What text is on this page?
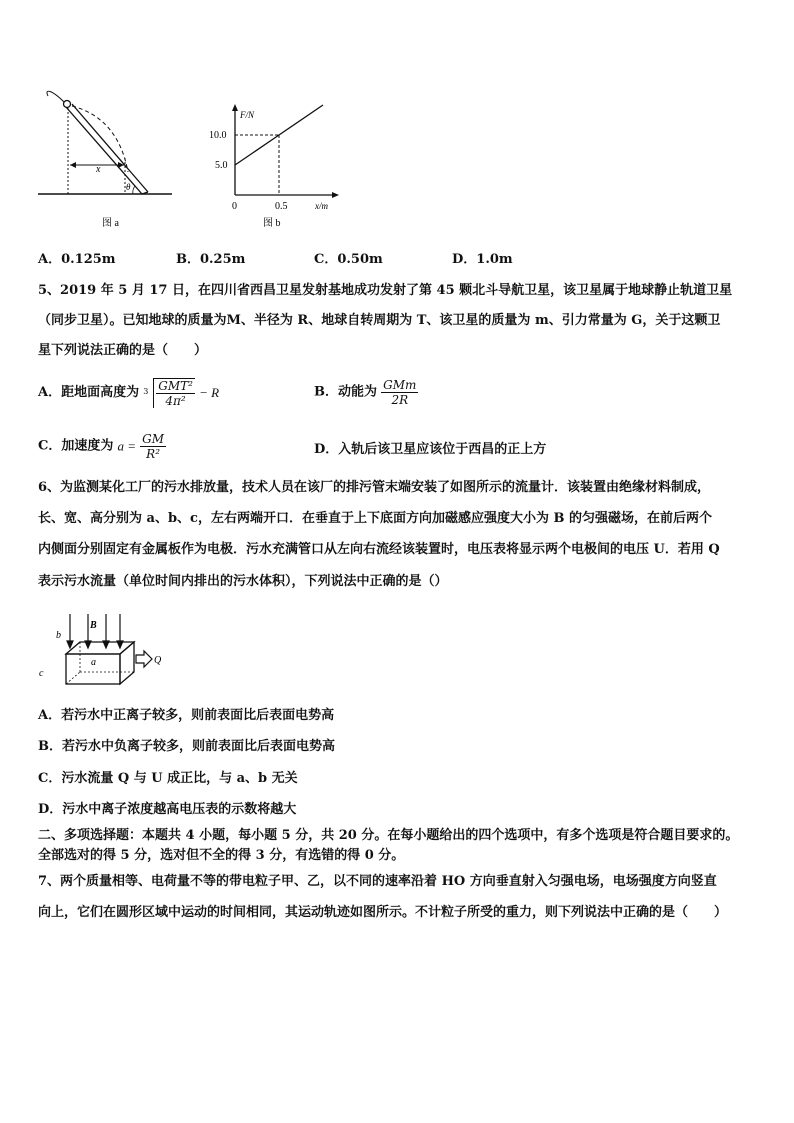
x
θ
图 a
F/N
10.0
5.0
0	0.5	x/m
图 b
A．0.125m	B．0.25m	C．0.50m	D．1.0m
5、2019 年 5 月 17 日，在四川省西昌卫星发射基地成功发射了第 45 颗北斗导航卫星，该卫星属于地球静止轨道卫星
（同步卫星）。已知地球的质量为M、半径为 R、地球自转周期为 T、该卫星的质量为 m、引力常量为 G，关于这颗卫
星下列说法正确的是（　　）
A．距地面高度为 $3 \frac{\text{GMT²}}{\text{4π²}} - R$	B．动能为 $\frac{\text{GMm}}{2R}$
C．加速度为 $a = \frac{GM}{\text{R²}}$	D．入轨后该卫星应该位于西昌的正上方
6、为监测某化工厂的污水排放量，技术人员在该厂的排污管末端安装了如图所示的流量计．该装置由绝缘材料制成，
长、宽、高分别为 a、b、c，左右两端开口．在垂直于上下底面方向加磁感应强度大小为 B 的匀强磁场，在前后两个
内侧面分别固定有金属板作为电极．污水充满管口从左向右流经该装置时，电压表将显示两个电极间的电压 U．若用 Q
表示污水流量（单位时间内排出的污水体积），下列说法中正确的是（）
b
B
a
c
Q
A．若污水中正离子较多，则前表面比后表面电势高
B．若污水中负离子较多，则前表面比后表面电势高
C．污水流量 Q 与 U 成正比，与 a、b 无关
D．污水中离子浓度越高电压表的示数将越大
二、多项选择题：本题共 4 小题，每小题 5 分，共 20 分。在每小题给出的四个选项中，有多个选项是符合题目要求的。
全部选对的得 5 分，选对但不全的得 3 分，有选错的得 0 分。
7、两个质量相等、电荷量不等的带电粒子甲、乙，以不同的速率沿着 HO 方向垂直射入匀强电场，电场强度方向竖直
向上，它们在圆形区域中运动的时间相同，其运动轨迹如图所示。不计粒子所受的重力，则下列说法中正确的是（　　）
